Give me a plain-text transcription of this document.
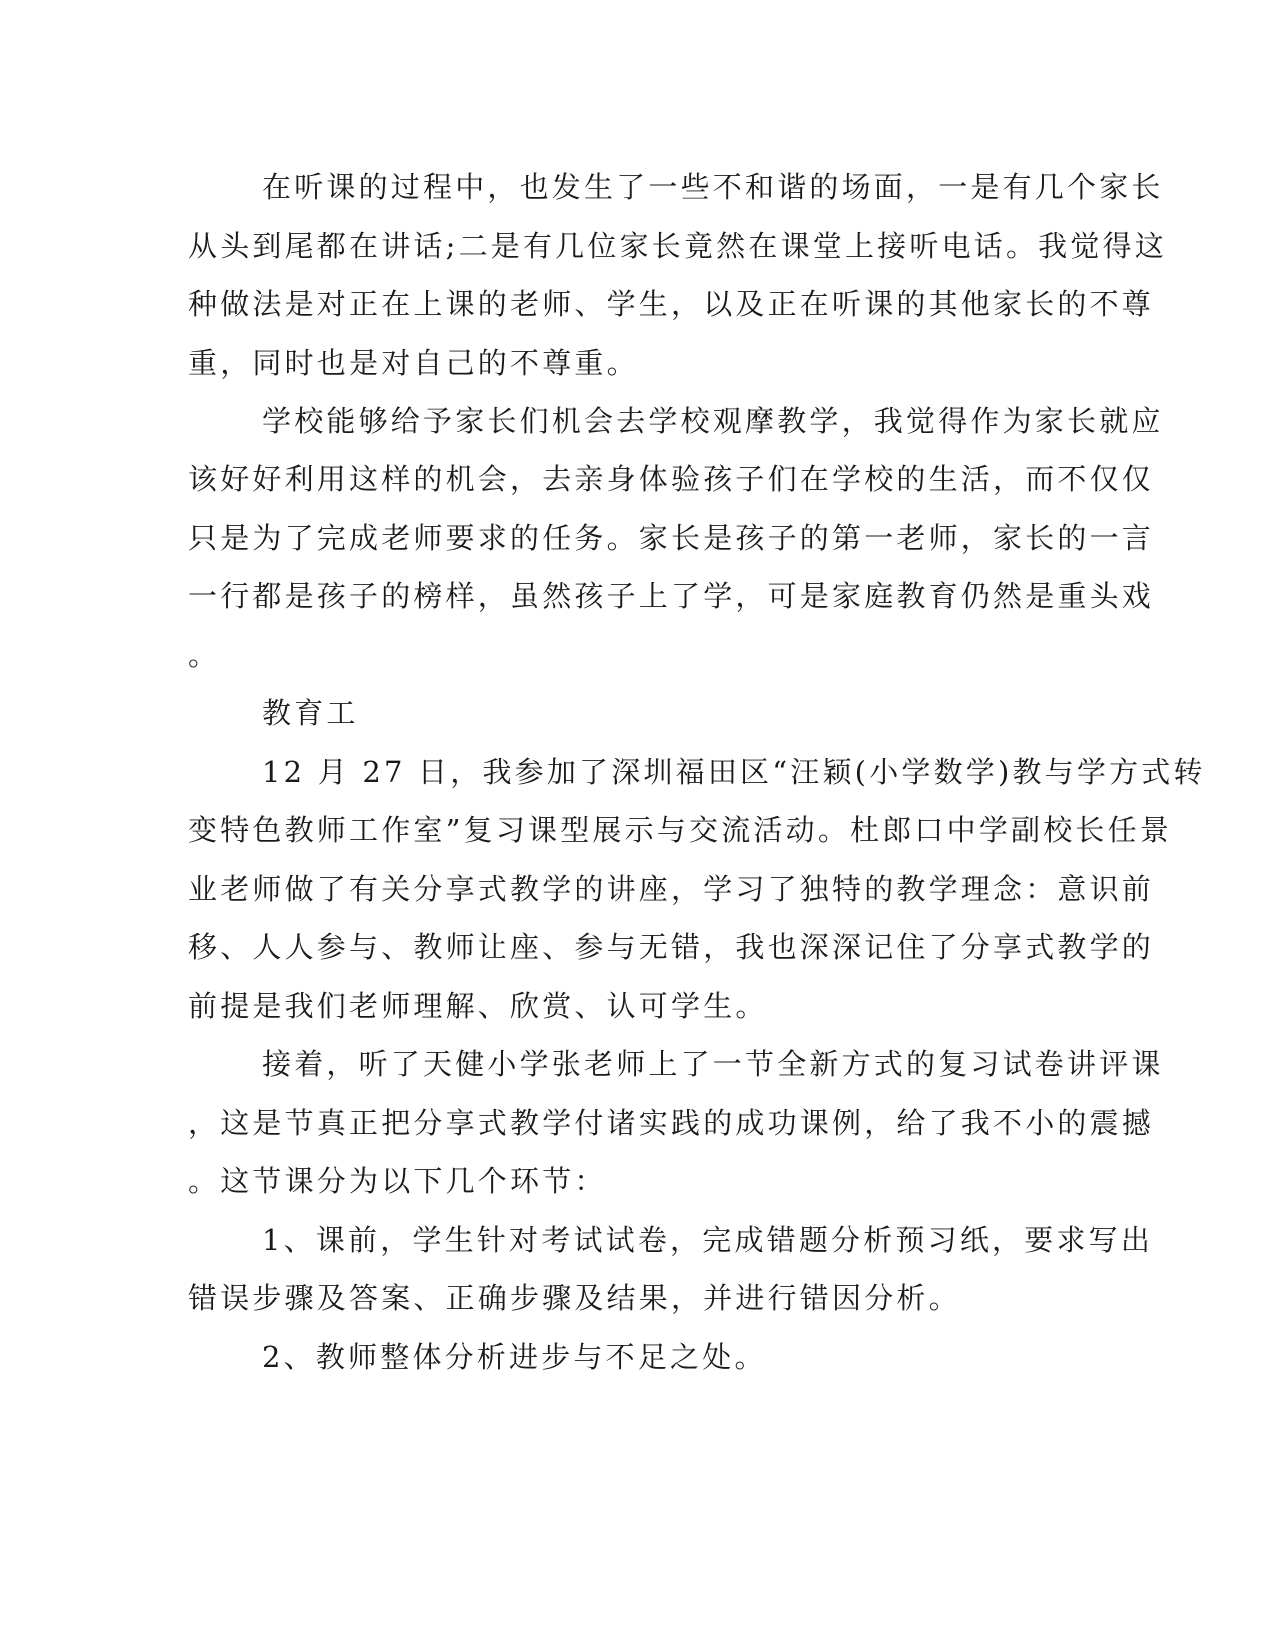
在听课的过程中，也发生了一些不和谐的场面，一是有几个家长

从头到尾都在讲话;二是有几位家长竟然在课堂上接听电话。我觉得这

种做法是对正在上课的老师、学生，以及正在听课的其他家长的不尊

重，同时也是对自己的不尊重。

学校能够给予家长们机会去学校观摩教学，我觉得作为家长就应

该好好利用这样的机会，去亲身体验孩子们在学校的生活，而不仅仅

只是为了完成老师要求的任务。家长是孩子的第一老师，家长的一言

一行都是孩子的榜样，虽然孩子上了学，可是家庭教育仍然是重头戏

。

教育工

12 月 27 日，我参加了深圳福田区“汪颖(小学数学)教与学方式转

变特色教师工作室”复习课型展示与交流活动。杜郎口中学副校长任景

业老师做了有关分享式教学的讲座，学习了独特的教学理念：意识前

移、人人参与、教师让座、参与无错，我也深深记住了分享式教学的

前提是我们老师理解、欣赏、认可学生。

接着，听了天健小学张老师上了一节全新方式的复习试卷讲评课

，这是节真正把分享式教学付诸实践的成功课例，给了我不小的震撼

。这节课分为以下几个环节：

1、课前，学生针对考试试卷，完成错题分析预习纸，要求写出

错误步骤及答案、正确步骤及结果，并进行错因分析。

2、教师整体分析进步与不足之处。
